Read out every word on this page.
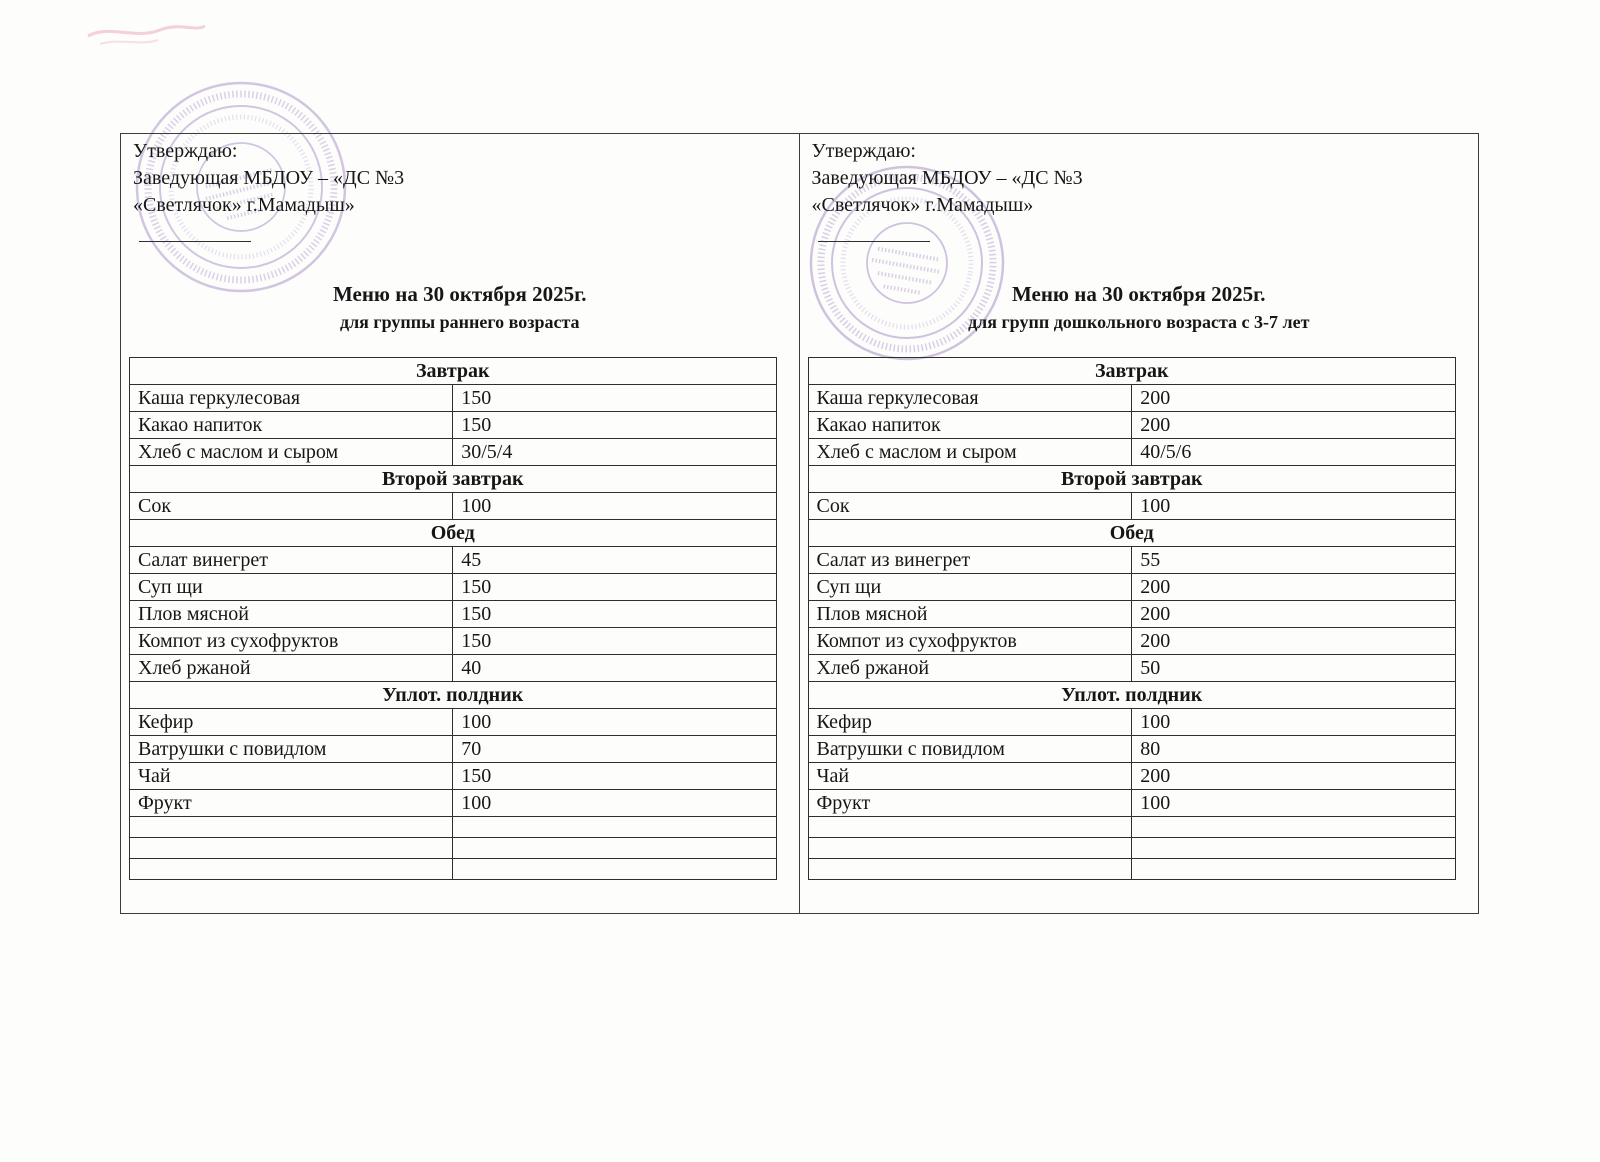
Утверждаю:
Заведующая МБДОУ – «ДС №3
«Светлячок» г.Мамадыш»
Меню на 30 октября 2025г.
для группы раннего возраста
Завтрак	
Каша геркулесовая	150
Какао напиток	150
Хлеб с маслом и сыром	30/5/4
Второй завтрак	
Сок	100
Обед	
Салат винегрет	45
Суп щи	150
Плов мясной	150
Компот из сухофруктов	150
Хлеб ржаной	40
Уплот. полдник	
Кефир	100
Ватрушки с повидлом	70
Чай	150
Фрукт	100

Утверждаю:
Заведующая МБДОУ – «ДС №3
«Светлячок» г.Мамадыш»
Меню на 30 октября 2025г.
для групп дошкольного возраста с 3-7 лет
Завтрак	
Каша геркулесовая	200
Какао напиток	200
Хлеб с маслом и сыром	40/5/6
Второй завтрак	
Сок	100
Обед	
Салат из винегрет	55
Суп щи	200
Плов мясной	200
Компот из сухофруктов	200
Хлеб ржаной	50
Уплот. полдник	
Кефир	100
Ватрушки с повидлом	80
Чай	200
Фрукт	100
